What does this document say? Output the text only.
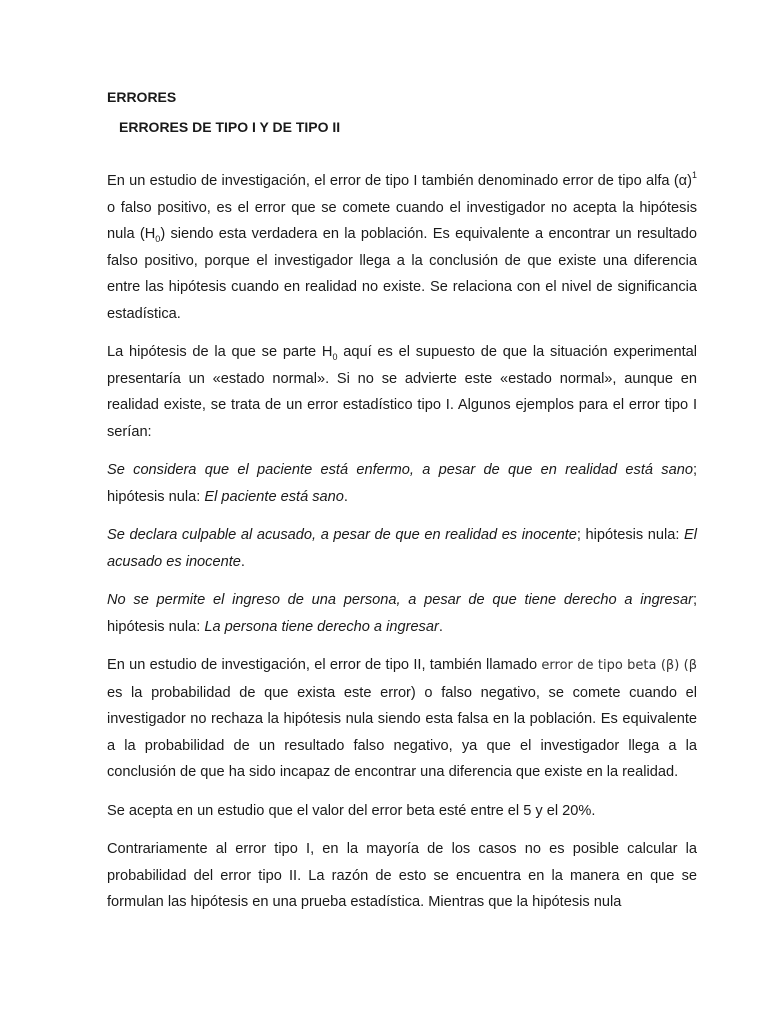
ERRORES
ERRORES DE TIPO I Y DE TIPO II

En un estudio de investigación, el error de tipo I también denominado error de tipo alfa $(\alpha)^1$ o falso positivo, es el error que se comete cuando el investigador no acepta la hipótesis nula $(H_0)$ siendo esta verdadera en la población. Es equivalente a encontrar un resultado falso positivo, porque el investigador llega a la conclusión de que existe una diferencia entre las hipótesis cuando en realidad no existe. Se relaciona con el nivel de significancia estadística.

La hipótesis de la que se parte $H_0$ aquí es el supuesto de que la situación experimental presentaría un «estado normal». Si no se advierte este «estado normal», aunque en realidad existe, se trata de un error estadístico tipo I. Algunos ejemplos para el error tipo I serían:

Se considera que el paciente está enfermo, a pesar de que en realidad está sano; hipótesis nula: El paciente está sano.

Se declara culpable al acusado, a pesar de que en realidad es inocente; hipótesis nula: El acusado es inocente.

No se permite el ingreso de una persona, a pesar de que tiene derecho a ingresar; hipótesis nula: La persona tiene derecho a ingresar.

En un estudio de investigación, el error de tipo II, también llamado error de tipo beta (β) (β es la probabilidad de que exista este error) o falso negativo, se comete cuando el investigador no rechaza la hipótesis nula siendo esta falsa en la población. Es equivalente a la probabilidad de un resultado falso negativo, ya que el investigador llega a la conclusión de que ha sido incapaz de encontrar una diferencia que existe en la realidad.

Se acepta en un estudio que el valor del error beta esté entre el 5 y el 20%.

Contrariamente al error tipo I, en la mayoría de los casos no es posible calcular la probabilidad del error tipo II. La razón de esto se encuentra en la manera en que se formulan las hipótesis en una prueba estadística. Mientras que la hipótesis nula
